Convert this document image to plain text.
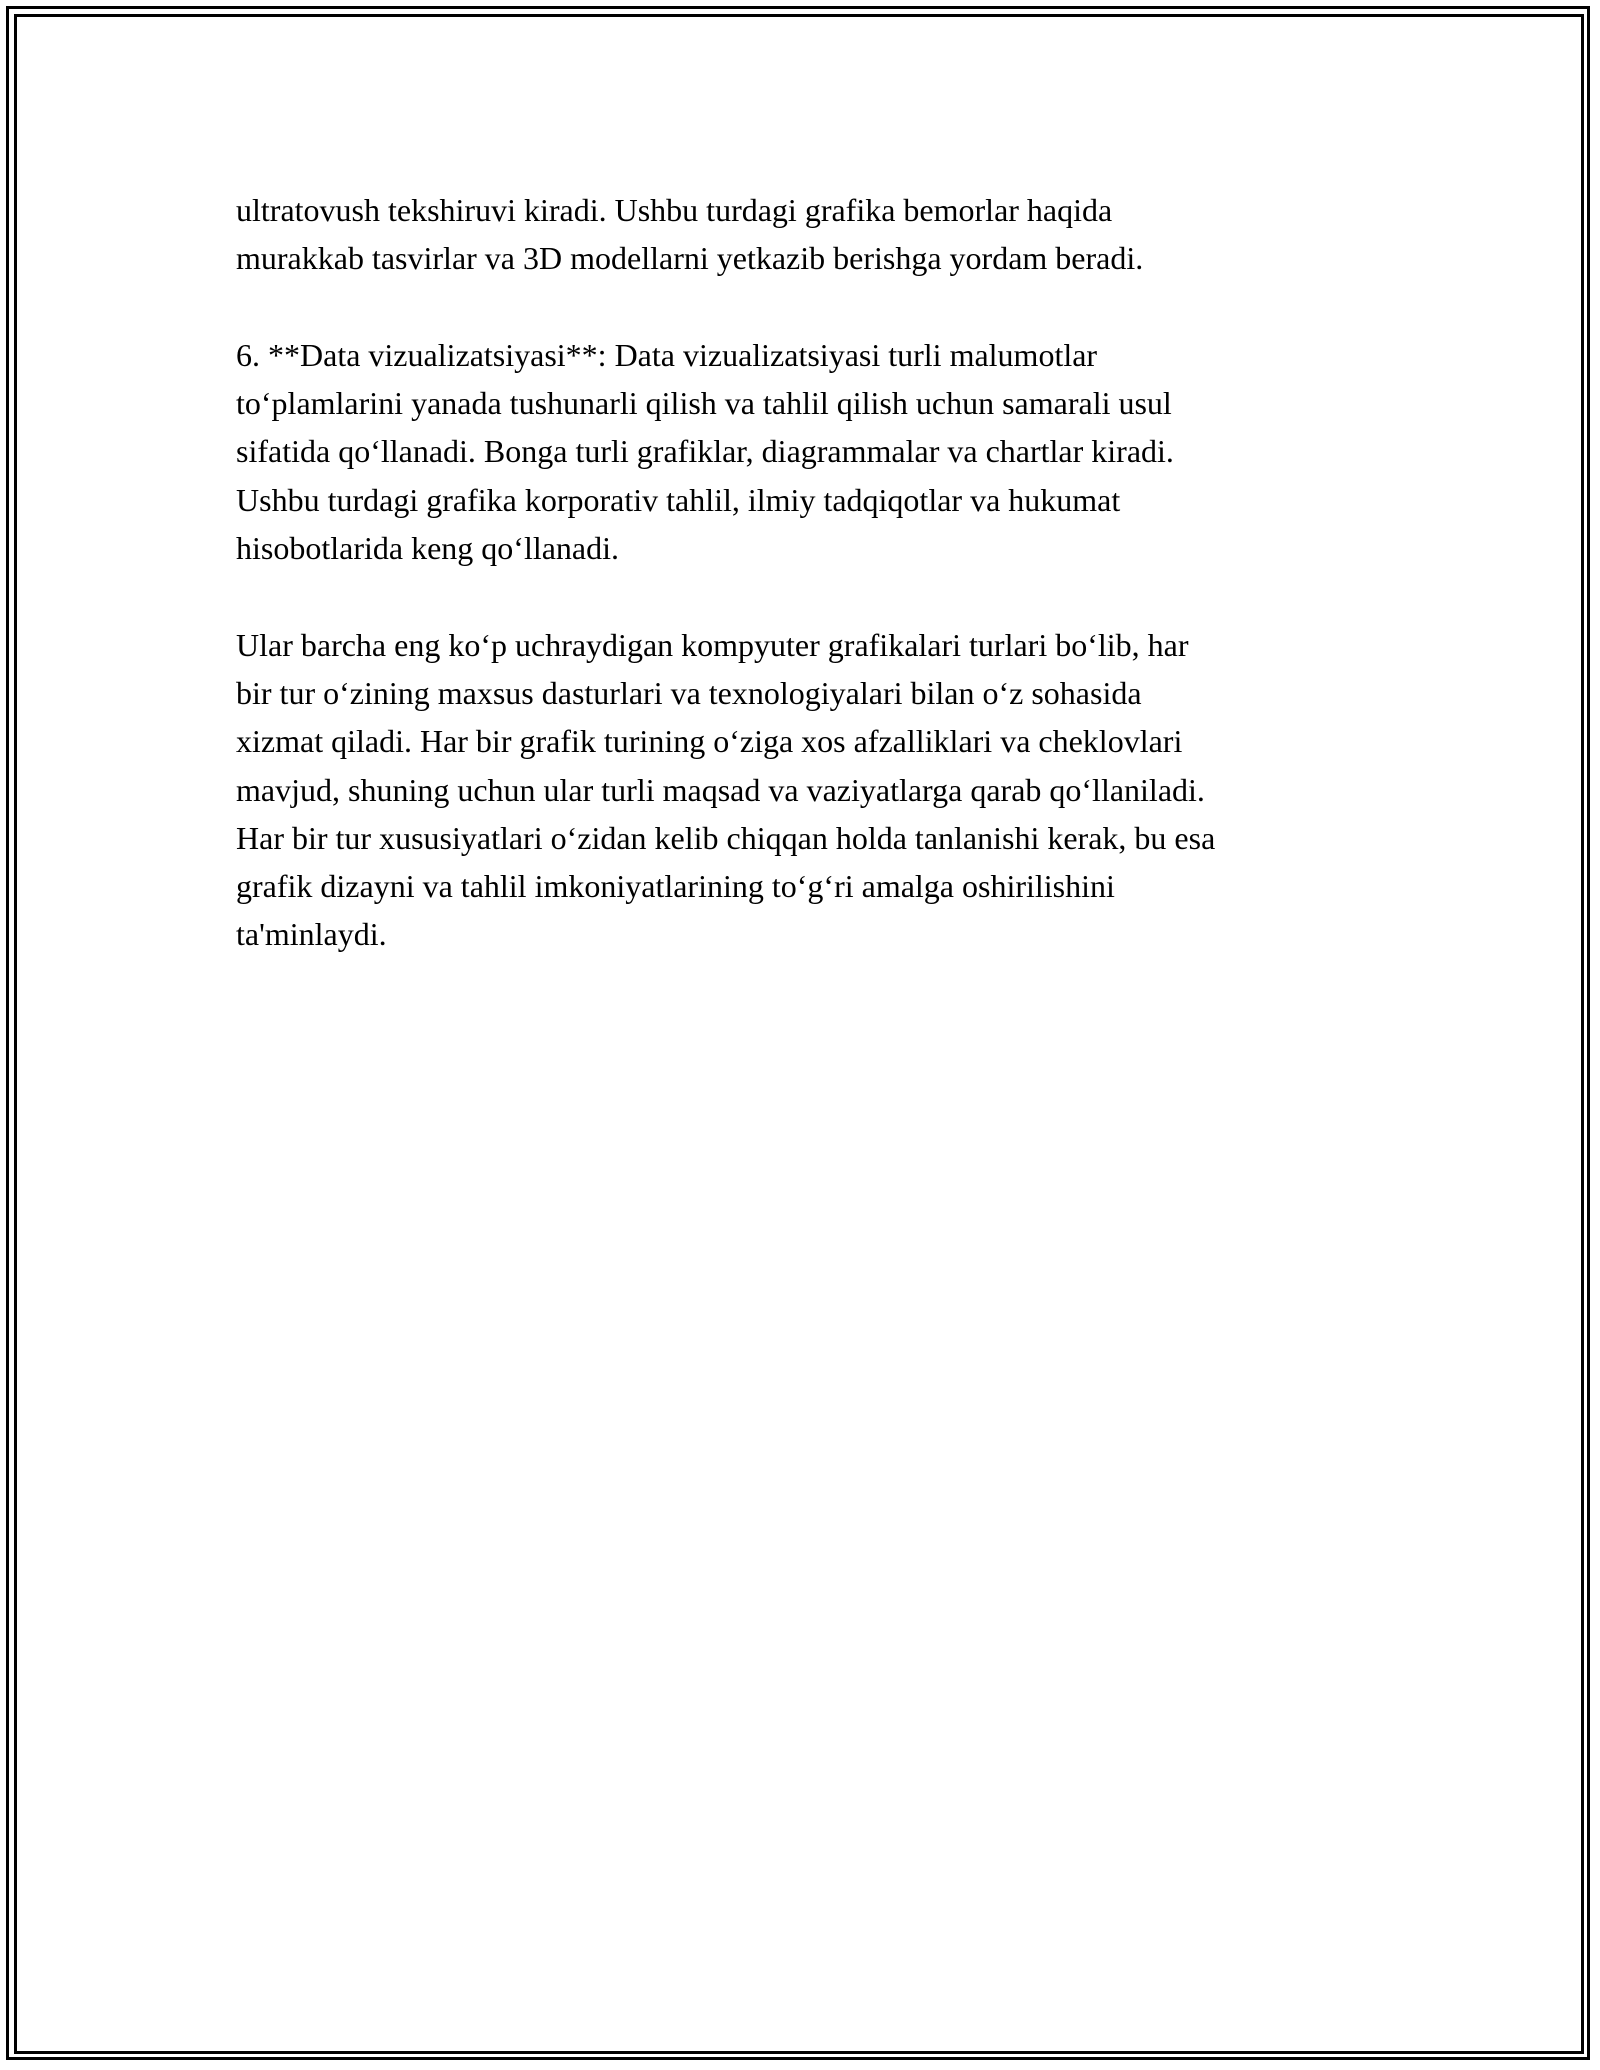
ultratovush tekshiruvi kiradi. Ushbu turdagi grafika bemorlar haqida
murakkab tasvirlar va 3D modellarni yetkazib berishga yordam beradi.

6. **Data vizualizatsiyasi**: Data vizualizatsiyasi turli malumotlar
to‘plamlarini yanada tushunarli qilish va tahlil qilish uchun samarali usul
sifatida qo‘llanadi. Bonga turli grafiklar, diagrammalar va chartlar kiradi.
Ushbu turdagi grafika korporativ tahlil, ilmiy tadqiqotlar va hukumat
hisobotlarida keng qo‘llanadi.

Ular barcha eng ko‘p uchraydigan kompyuter grafikalari turlari bo‘lib, har
bir tur o‘zining maxsus dasturlari va texnologiyalari bilan o‘z sohasida
xizmat qiladi. Har bir grafik turining o‘ziga xos afzalliklari va cheklovlari
mavjud, shuning uchun ular turli maqsad va vaziyatlarga qarab qo‘llaniladi.
Har bir tur xususiyatlari o‘zidan kelib chiqqan holda tanlanishi kerak, bu esa
grafik dizayni va tahlil imkoniyatlarining to‘g‘ri amalga oshirilishini
ta'minlaydi.
